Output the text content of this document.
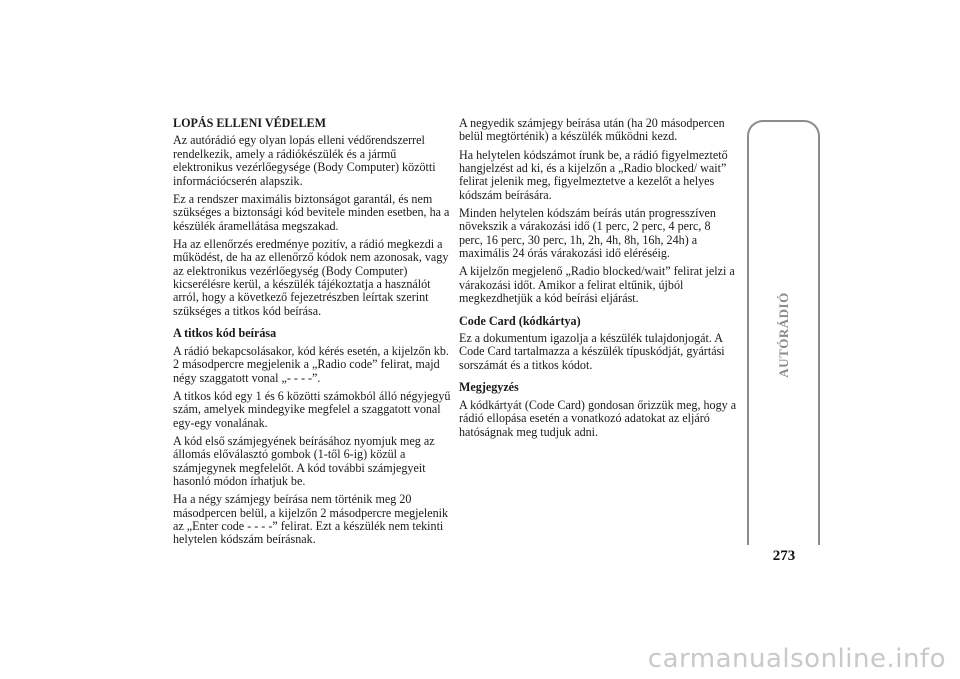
LOPÁS ELLENI VÉDELEM

Az autórádió egy olyan lopás elleni védőrendszerrel rendelkezik, amely a rádiókészülék és a jármű elektronikus vezérlőegysége (Body Computer) közötti információcserén alapszik.

Ez a rendszer maximális biztonságot garantál, és nem szükséges a biztonsági kód bevitele minden esetben, ha a készülék áramellátása megszakad.

Ha az ellenőrzés eredménye pozitív, a rádió megkezdi a működést, de ha az ellenőrző kódok nem azonosak, vagy az elektronikus vezérlőegység (Body Computer) kicserélésre kerül, a készülék tájékoztatja a használót arról, hogy a következő fejezetrészben leírtak szerint szükséges a titkos kód beírása.

A titkos kód beírása

A rádió bekapcsolásakor, kód kérés esetén, a kijelzőn kb. 2 másodpercre megjelenik a „Radio code” felirat, majd négy szaggatott vonal „- - - -”.

A titkos kód egy 1 és 6 közötti számokból álló négyjegyű szám, amelyek mindegyike megfelel a szaggatott vonal egy-egy vonalának.

A kód első számjegyének beírásához nyomjuk meg az állomás előválasztó gombok (1-től 6-ig) közül a számjegynek megfelelőt. A kód további számjegyeit hasonló módon írhatjuk be.

Ha a négy számjegy beírása nem történik meg 20 másodpercen belül, a kijelzőn 2 másodpercre megjelenik az „Enter code - - - -” felirat. Ezt a készülék nem tekinti helytelen kódszám beírásnak.

A negyedik számjegy beírása után (ha 20 másodpercen belül megtörténik) a készülék működni kezd.

Ha helytelen kódszámot írunk be, a rádió figyelmeztető hangjelzést ad ki, és a kijelzőn a „Radio blocked/ wait” felirat jelenik meg, figyelmeztetve a kezelőt a helyes kódszám beírására.

Minden helytelen kódszám beírás után progresszíven növekszik a várakozási idő (1 perc, 2 perc, 4 perc, 8 perc, 16 perc, 30 perc, 1h, 2h, 4h, 8h, 16h, 24h) a maximális 24 órás várakozási idő eléréséig.

A kijelzőn megjelenő „Radio blocked/wait” felirat jelzi a várakozási időt. Amikor a felirat eltűnik, újból megkezdhetjük a kód beírási eljárást.

Code Card (kódkártya)

Ez a dokumentum igazolja a készülék tulajdonjogát. A Code Card tartalmazza a készülék típuskódját, gyártási sorszámát és a titkos kódot.

Megjegyzés

A kódkártyát (Code Card) gondosan őrizzük meg, hogy a rádió ellopása esetén a vonatkozó adatokat az eljáró hatóságnak meg tudjuk adni.

AUTÓRÁDIÓ
273
carmanualsonline.info
